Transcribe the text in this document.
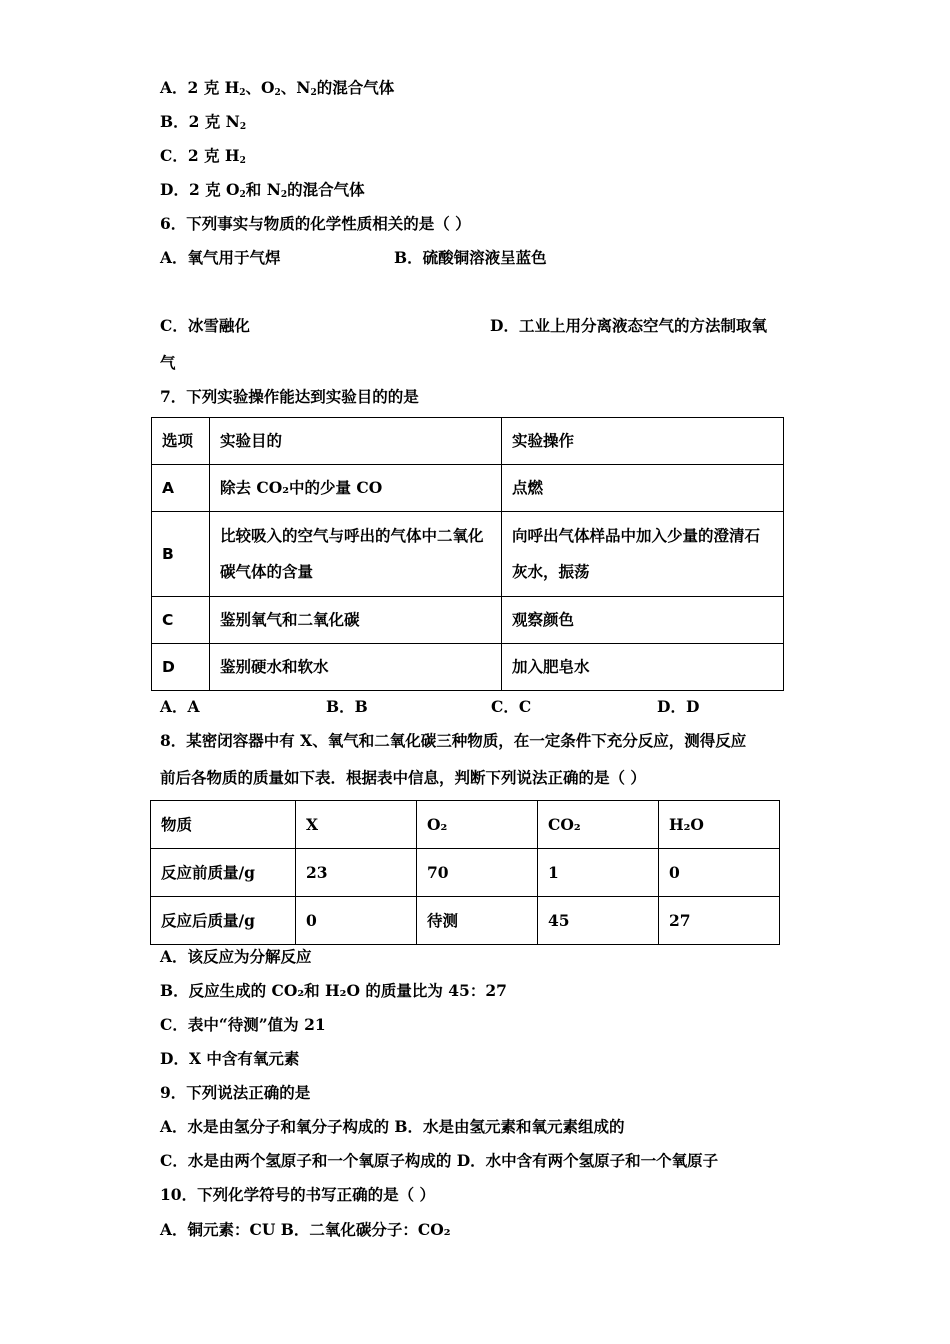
A．2 克 $H_2$、$O_2$、$N_2$的混合气体
B．2 克 $N_2$
C．2 克 $H_2$
D．2 克 $O_2$和 $N_2$的混合气体
6．下列事实与物质的化学性质相关的是（ ）
A．氧气用于气焊	B．硫酸铜溶液呈蓝色
C．冰雪融化	D．工业上用分离液态空气的方法制取氧
气
7．下列实验操作能达到实验目的的是
选项	实验目的	实验操作
A	除去 CO₂中的少量 CO	点燃
B	比较吸入的空气与呼出的气体中二氧化碳气体的含量	向呼出气体样品中加入少量的澄清石灰水，振荡
C	鉴别氧气和二氧化碳	观察颜色
D	鉴别硬水和软水	加入肥皂水
A．A	B．B	C．C	D．D
8．某密闭容器中有 X、氧气和二氧化碳三种物质，在一定条件下充分反应，测得反应
前后各物质的质量如下表．根据表中信息，判断下列说法正确的是（ ）
物质	X	O₂	CO₂	H₂O
反应前质量/g	23	70	1	0
反应后质量/g	0	待测	45	27
A．该反应为分解反应
B．反应生成的 CO₂和 H₂O 的质量比为 45：27
C．表中“待测”值为 21
D．X 中含有氧元素
9．下列说法正确的是
A．水是由氢分子和氧分子构成的 B．水是由氢元素和氧元素组成的
C．水是由两个氢原子和一个氧原子构成的 D．水中含有两个氢原子和一个氧原子
10．下列化学符号的书写正确的是（ ）
A．铜元素：CU B．二氧化碳分子：CO₂
